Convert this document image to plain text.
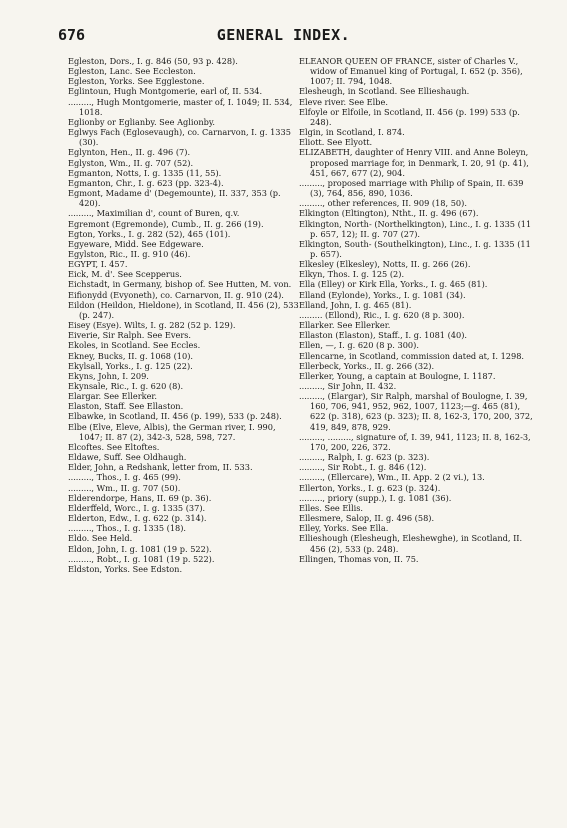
676	GENERAL INDEX.

Egleston, Dors., I. g. 846 (50, 93 p. 428).

Egleston, Lanc. See Eccleston.

Egleston, Yorks. See Egglestone.

Eglintoun, Hugh Montgomerie, earl of, II. 534.

........., Hugh Montgomerie, master of, I. 1049; II. 534, 1018.

Eglionby or Eglianby. See Aglionby.

Eglwys Fach (Eglosevaugh), co. Carnarvon, I. g. 1335 (30).

Eglynton, Hen., II. g. 496 (7).

Eglyston, Wm., II. g. 707 (52).

Egmanton, Notts, I. g. 1335 (11, 55).

Egmanton, Chr., I. g. 623 (pp. 323-4).

Egmont, Madame d' (Degemounte), II. 337, 353 (p. 420).

........., Maximilian d', count of Buren, q.v.

Egremont (Egremonde), Cumb., II. g. 266 (19).

Egton, Yorks., I. g. 282 (52), 465 (101).

Egyeware, Midd. See Edgeware.

Egylston, Ric., II. g. 910 (46).

EGYPT, I. 457.

Eick, M. d'. See Scepperus.

Eichstadt, in Germany, bishop of. See Hutten, M. von.

Eifionydd (Evyoneth), co. Carnarvon, II. g. 910 (24).

Eildon (Heildon, Hieldone), in Scotland, II. 456 (2), 533 (p. 247).

Eisey (Esye). Wilts, I. g. 282 (52 p. 129).

Eiverie, Sir Ralph. See Evers.

Ekoles, in Scotland. See Eccles.

Ekney, Bucks, II. g. 1068 (10).

Ekylsall, Yorks., I. g. 125 (22).

Ekyns, John, I. 209.

Ekynsale, Ric., I. g. 620 (8).

Elargar. See Ellerker.

Elaston, Staff. See Ellaston.

Elbawke, in Scotland, II. 456 (p. 199), 533 (p. 248).

Elbe (Elve, Eleve, Albis), the German river, I. 990, 1047; II. 87 (2), 342-3, 528, 598, 727.

Elcoftes. See Eltoftes.

Eldawe, Suff. See Oldhaugh.

Elder, John, a Redshank, letter from, II. 533.

........., Thos., I. g. 465 (99).

........., Wm., II. g. 707 (50).

Elderendorpe, Hans, II. 69 (p. 36).

Elderffeld, Worc., I. g. 1335 (37).

Elderton, Edw., I. g. 622 (p. 314).

........., Thos., I. g. 1335 (18).

Eldo. See Held.

Eldon, John, I. g. 1081 (19 p. 522).

........., Robt., I. g. 1081 (19 p. 522).

Eldston, Yorks. See Edston.

ELEANOR QUEEN OF FRANCE, sister of Charles V., widow of Emanuel king of Portugal, I. 652 (p. 356), 1007; II. 794, 1048.

Elesheugh, in Scotland. See Ellieshaugh.

Eleve river. See Elbe.

Elfoyle or Elfoile, in Scotland, II. 456 (p. 199) 533 (p. 248).

Elgin, in Scotland, I. 874.

Eliott. See Elyott.

ELIZABETH, daughter of Henry VIII. and Anne Boleyn, proposed marriage for, in Denmark, I. 20, 91 (p. 41), 451, 667, 677 (2), 904.

........., proposed marriage with Philip of Spain, II. 639 (3), 764, 856, 890, 1036.

........., other references, II. 909 (18, 50).

Elkington (Eltington), Ntht., II. g. 496 (67).

Elkington, North- (Northelkington), Linc., I. g. 1335 (11 p. 657, 12); II. g. 707 (27).

Elkington, South- (Southelkington), Linc., I. g. 1335 (11 p. 657).

Elkesley (Elkesley), Notts, II. g. 266 (26).

Elkyn, Thos. I. g. 125 (2).

Ella (Elley) or Kirk Ella, Yorks., I. g. 465 (81).

Elland (Eylonde), Yorks., I. g. 1081 (34).

Elland, John, I. g. 465 (81).

......... (Ellond), Ric., I. g. 620 (8 p. 300).

Ellarker. See Ellerker.

Ellaston (Elaston), Staff., I. g. 1081 (40).

Ellen, —, I. g. 620 (8 p. 300).

Ellencarne, in Scotland, commission dated at, I. 1298.

Ellerbeck, Yorks., II. g. 266 (32).

Ellerker, Young, a captain at Boulogne, I. 1187.

........., Sir John, II. 432.

........., (Elargar), Sir Ralph, marshal of Boulogne, I. 39, 160, 706, 941, 952, 962, 1007, 1123;—g. 465 (81), 622 (p. 318), 623 (p. 323); II. 8, 162-3, 170, 200, 372, 419, 849, 878, 929.

........., ........., signature of, I. 39, 941, 1123; II. 8, 162-3, 170, 200, 226, 372.

........., Ralph, I. g. 623 (p. 323).

........., Sir Robt., I. g. 846 (12).

........., (Ellercare), Wm., II. App. 2 (2 vi.), 13.

Ellerton, Yorks., I. g. 623 (p. 324).

........., priory (supp.), I. g. 1081 (36).

Elles. See Ellis.

Ellesmere, Salop, II. g. 496 (58).

Elley, Yorks. See Ella.

Ellieshough (Elesheugh, Eleshewghe), in Scotland, II. 456 (2), 533 (p. 248).

Ellingen, Thomas von, II. 75.
